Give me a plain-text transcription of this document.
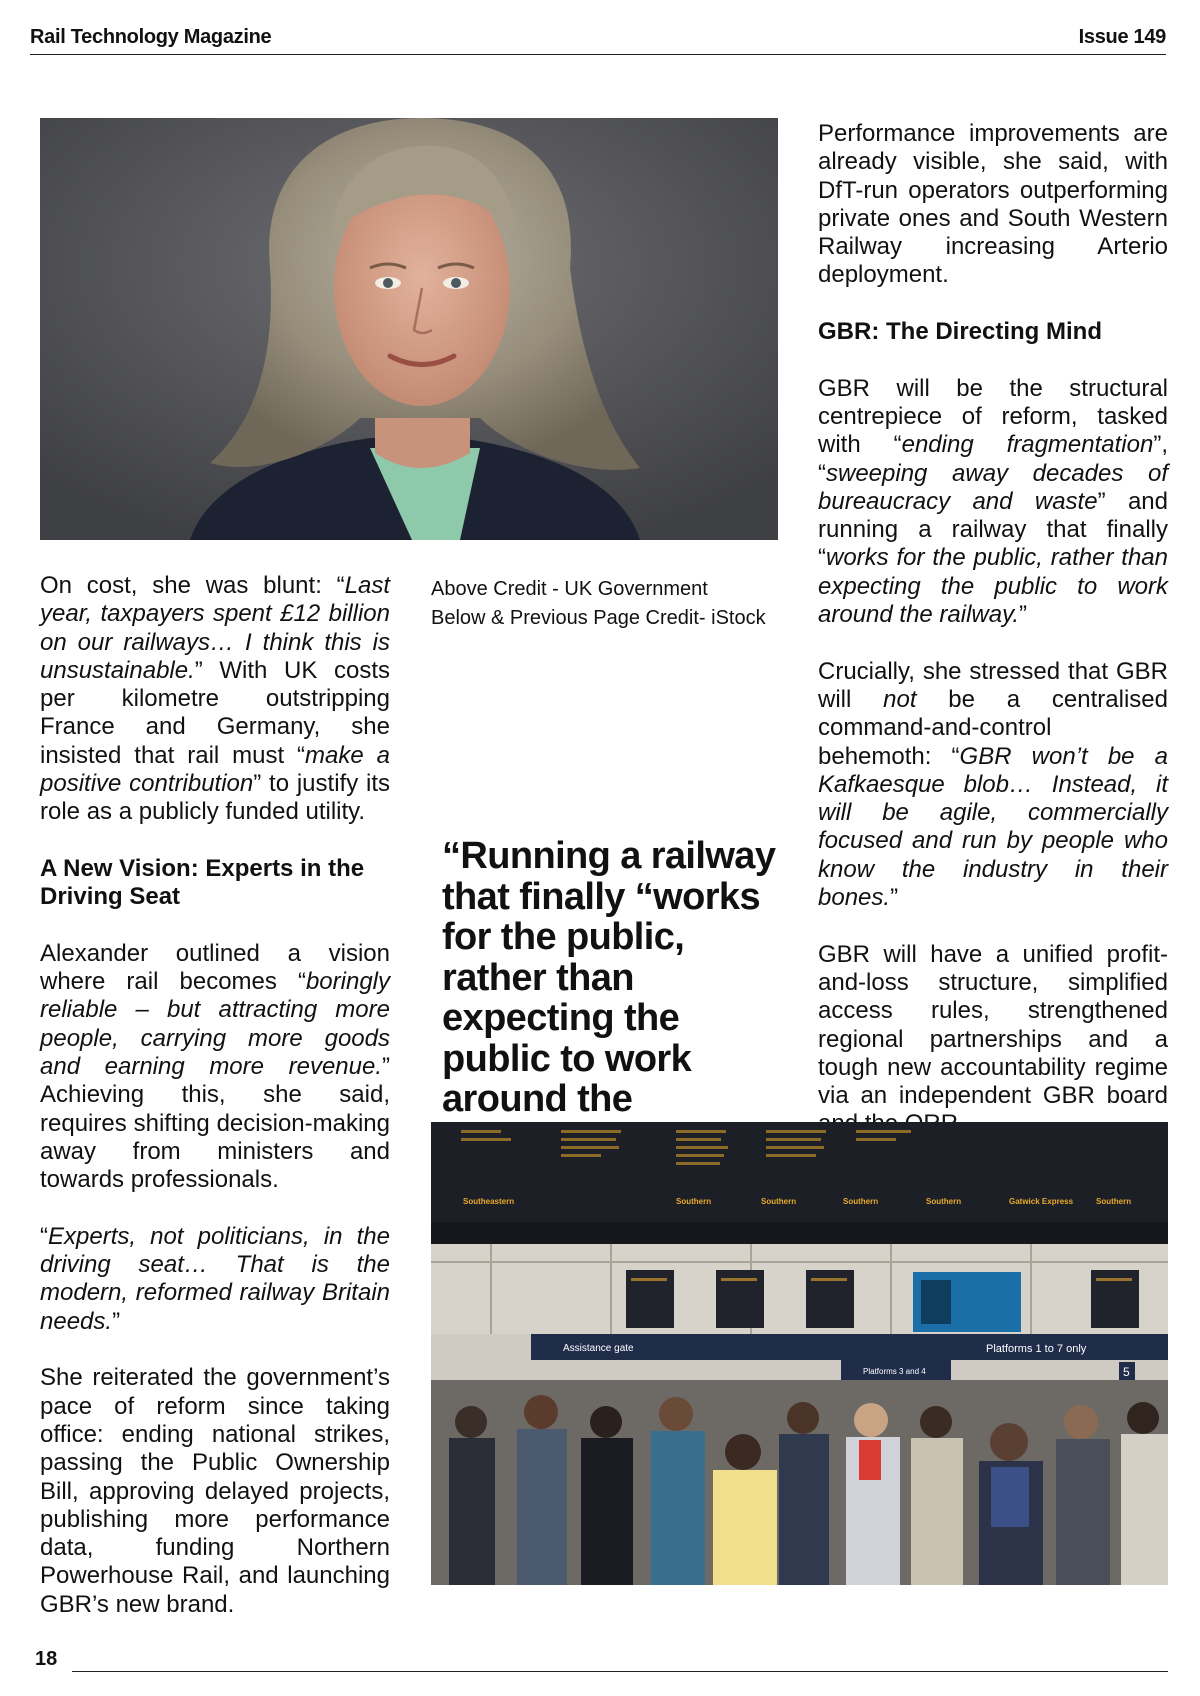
Rail Technology Magazine	Issue 149

On cost, she was blunt: “Last year, taxpayers spent £12 billion on our railways… I think this is unsustainable.” With UK costs per kilometre outstripping France and Germany, she insisted that rail must “make a positive contribution” to justify its role as a publicly funded utility.

A New Vision: Experts in the Driving Seat

Alexander outlined a vision where rail becomes “boringly reliable – but attracting more people, carrying more goods and earning more revenue.” Achieving this, she said, requires shifting decision-making away from ministers and towards professionals.

“Experts, not politicians, in the driving seat… That is the modern, reformed railway Britain needs.”

She reiterated the government’s pace of reform since taking office: ending national strikes, passing the Public Ownership Bill, approving delayed projects, publishing more performance data, funding Northern Powerhouse Rail, and launching GBR’s new brand.

Above Credit - UK Government
Below & Previous Page Credit- iStock
“Running a railway that finally “works for the public, rather than expecting the public to work around the

Performance improvements are already visible, she said, with DfT-run operators outperforming private ones and South Western Railway increasing Arterio deployment.

GBR: The Directing Mind

GBR will be the structural centrepiece of reform, tasked with “ending fragmentation”, “sweeping away decades of bureaucracy and waste” and running a railway that finally “works for the public, rather than expecting the public to work around the railway.”

Crucially, she stressed that GBR will not be a centralised command-and-control behemoth: “GBR won’t be a Kafkaesque blob… Instead, it will be agile, commercially focused and run by people who know the industry in their bones.”

GBR will have a unified profit-and-loss structure, simplified access rules, strengthened regional partnerships and a tough new accountability regime via an independent GBR board

Southeastern	Southern	Southern	Southern	Southern	Gatwick Express	Southern
Assistance gate	Platforms 1 to 7 only
Platforms 3 and 4	5
18
